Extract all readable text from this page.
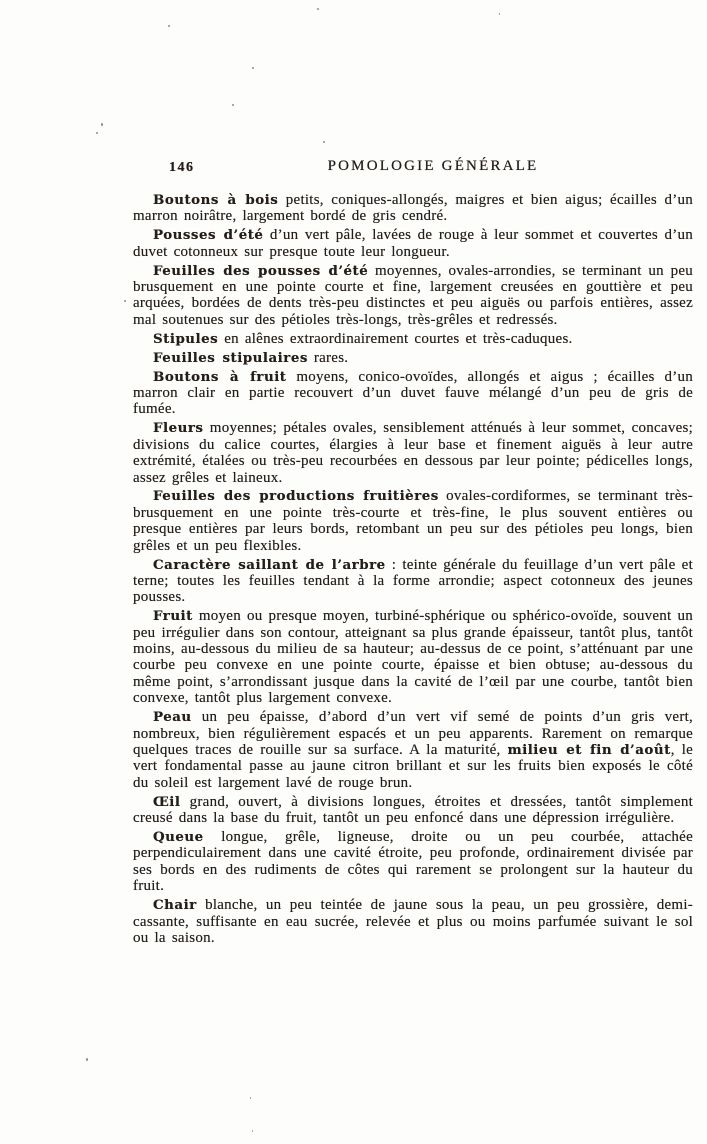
146	POMOLOGIE GÉNÉRALE

Boutons à bois petits, coniques-allongés, maigres et bien aigus; écailles d’un marron noirâtre, largement bordé de gris cendré.

Pousses d’été d’un vert pâle, lavées de rouge à leur sommet et couvertes d’un duvet cotonneux sur presque toute leur longueur.

Feuilles des pousses d’été moyennes, ovales-arrondies, se terminant un peu brusquement en une pointe courte et fine, largement creusées en gouttière et peu arquées, bordées de dents très-peu distinctes et peu aiguës ou parfois entières, assez mal soutenues sur des pétioles très-longs, très-grêles et redressés.

Stipules en alênes extraordinairement courtes et très-caduques.

Feuilles stipulaires rares.

Boutons à fruit moyens, conico-ovoïdes, allongés et aigus ; écailles d’un marron clair en partie recouvert d’un duvet fauve mélangé d’un peu de gris de fumée.

Fleurs moyennes; pétales ovales, sensiblement atténués à leur sommet, concaves; divisions du calice courtes, élargies à leur base et finement aiguës à leur autre extrémité, étalées ou très-peu recourbées en dessous par leur pointe; pédicelles longs, assez grêles et laineux.

Feuilles des productions fruitières ovales-cordiformes, se terminant très-brusquement en une pointe très-courte et très-fine, le plus souvent entières ou presque entières par leurs bords, retombant un peu sur des pétioles peu longs, bien grêles et un peu flexibles.

Caractère saillant de l’arbre : teinte générale du feuillage d’un vert pâle et terne; toutes les feuilles tendant à la forme arrondie; aspect cotonneux des jeunes pousses.

Fruit moyen ou presque moyen, turbiné-sphérique ou sphérico-ovoïde, souvent un peu irrégulier dans son contour, atteignant sa plus grande épaisseur, tantôt plus, tantôt moins, au-dessous du milieu de sa hauteur; au-dessus de ce point, s’atténuant par une courbe peu convexe en une pointe courte, épaisse et bien obtuse; au-dessous du même point, s’arrondissant jusque dans la cavité de l’œil par une courbe, tantôt bien convexe, tantôt plus largement convexe.

Peau un peu épaisse, d’abord d’un vert vif semé de points d’un gris vert, nombreux, bien régulièrement espacés et un peu apparents. Rarement on remarque quelques traces de rouille sur sa surface. A la maturité, milieu et fin d’août, le vert fondamental passe au jaune citron brillant et sur les fruits bien exposés le côté du soleil est largement lavé de rouge brun.

Œil grand, ouvert, à divisions longues, étroites et dressées, tantôt simplement creusé dans la base du fruit, tantôt un peu enfoncé dans une dépression irrégulière.

Queue longue, grêle, ligneuse, droite ou un peu courbée, attachée perpendiculairement dans une cavité étroite, peu profonde, ordinairement divisée par ses bords en des rudiments de côtes qui rarement se prolongent sur la hauteur du fruit.

Chair blanche, un peu teintée de jaune sous la peau, un peu grossière, demi-cassante, suffisante en eau sucrée, relevée et plus ou moins parfumée suivant le sol ou la saison.
